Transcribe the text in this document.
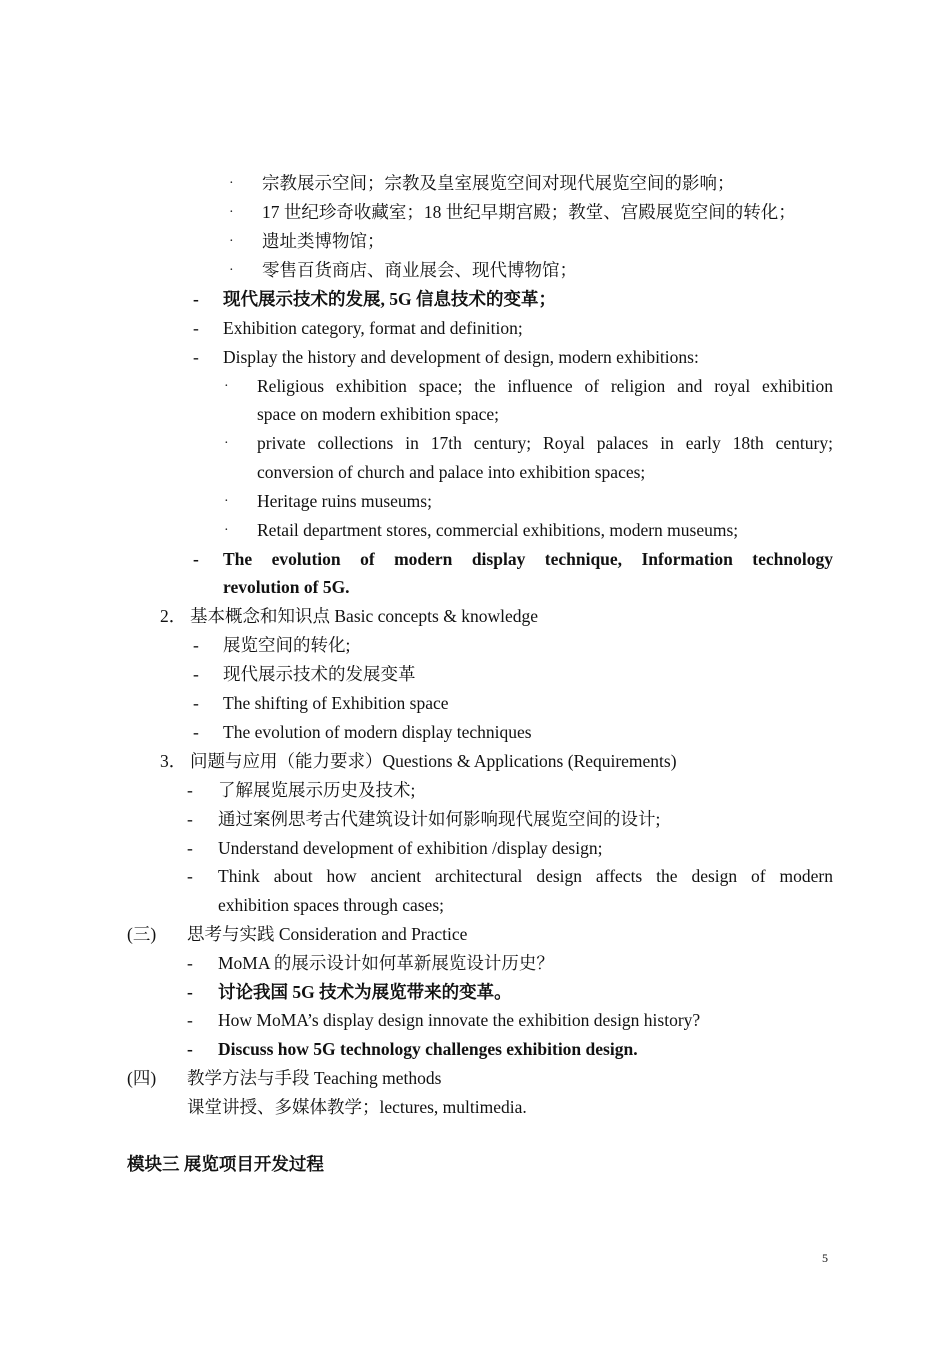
· 宗教展示空间；宗教及皇室展览空间对现代展览空间的影响；
· 17 世纪珍奇收藏室；18 世纪早期宫殿；教堂、宫殿展览空间的转化；
· 遗址类博物馆；
· 零售百货商店、商业展会、现代博物馆；
- 现代展示技术的发展, 5G 信息技术的变革；
- Exhibition category, format and definition;
- Display the history and development of design, modern exhibitions:
· Religious exhibition space; the influence of religion and royal exhibition
space on modern exhibition space;
· private collections in 17th century; Royal palaces in early 18th century;
conversion of church and palace into exhibition spaces;
· Heritage ruins museums;
· Retail department stores, commercial exhibitions, modern museums;
- The evolution of modern display technique, Information technology
revolution of 5G.
2． 基本概念和知识点 Basic concepts & knowledge
- 展览空间的转化;
- 现代展示技术的发展变革
- The shifting of Exhibition space
- The evolution of modern display techniques
3． 问题与应用（能力要求）Questions & Applications (Requirements)
- 了解展览展示历史及技术;
- 通过案例思考古代建筑设计如何影响现代展览空间的设计;
- Understand development of exhibition /display design;
- Think about how ancient architectural design affects the design of modern
exhibition spaces through cases;
(三) 思考与实践 Consideration and Practice
- MoMA 的展示设计如何革新展览设计历史？
- 讨论我国 5G 技术为展览带来的变革。
- How MoMA’s display design innovate the exhibition design history?
- Discuss how 5G technology challenges exhibition design.
(四) 教学方法与手段 Teaching methods
课堂讲授、多媒体教学；lectures, multimedia.
模块三 展览项目开发过程
5
